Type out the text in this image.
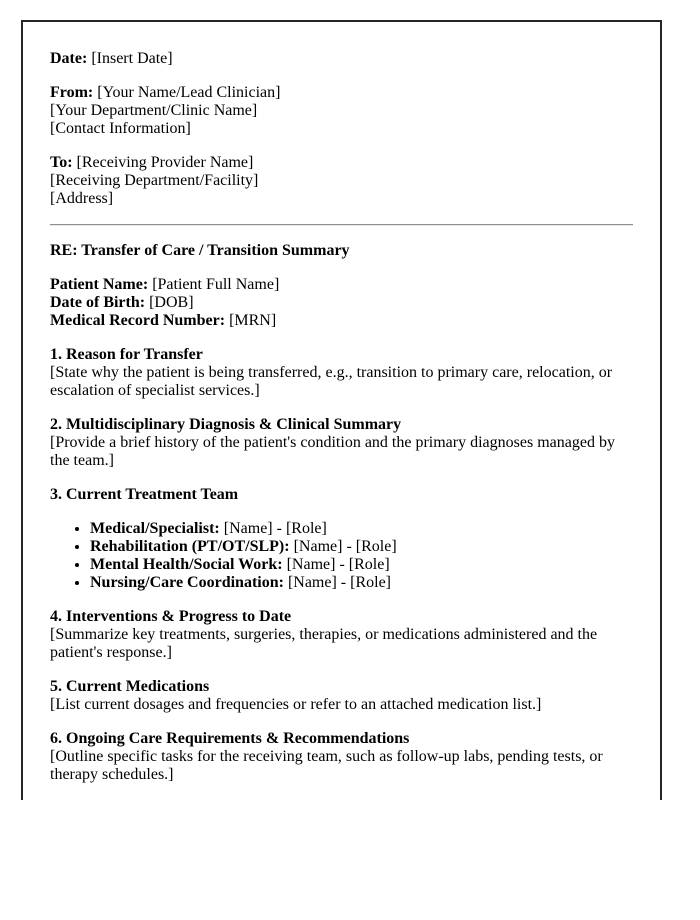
Date: [Insert Date]

From: [Your Name/Lead Clinician]
[Your Department/Clinic Name]
[Contact Information]

To: [Receiving Provider Name]
[Receiving Department/Facility]
[Address]

RE: Transfer of Care / Transition Summary

Patient Name: [Patient Full Name]
Date of Birth: [DOB]
Medical Record Number: [MRN]

1. Reason for Transfer
[State why the patient is being transferred, e.g., transition to primary care, relocation, or escalation of specialist services.]

2. Multidisciplinary Diagnosis & Clinical Summary
[Provide a brief history of the patient's condition and the primary diagnoses managed by the team.]

3. Current Treatment Team

• Medical/Specialist: [Name] - [Role]
• Rehabilitation (PT/OT/SLP): [Name] - [Role]
• Mental Health/Social Work: [Name] - [Role]
• Nursing/Care Coordination: [Name] - [Role]

4. Interventions & Progress to Date
[Summarize key treatments, surgeries, therapies, or medications administered and the patient's response.]

5. Current Medications
[List current dosages and frequencies or refer to an attached medication list.]

6. Ongoing Care Requirements & Recommendations
[Outline specific tasks for the receiving team, such as follow-up labs, pending tests, or therapy schedules.]
